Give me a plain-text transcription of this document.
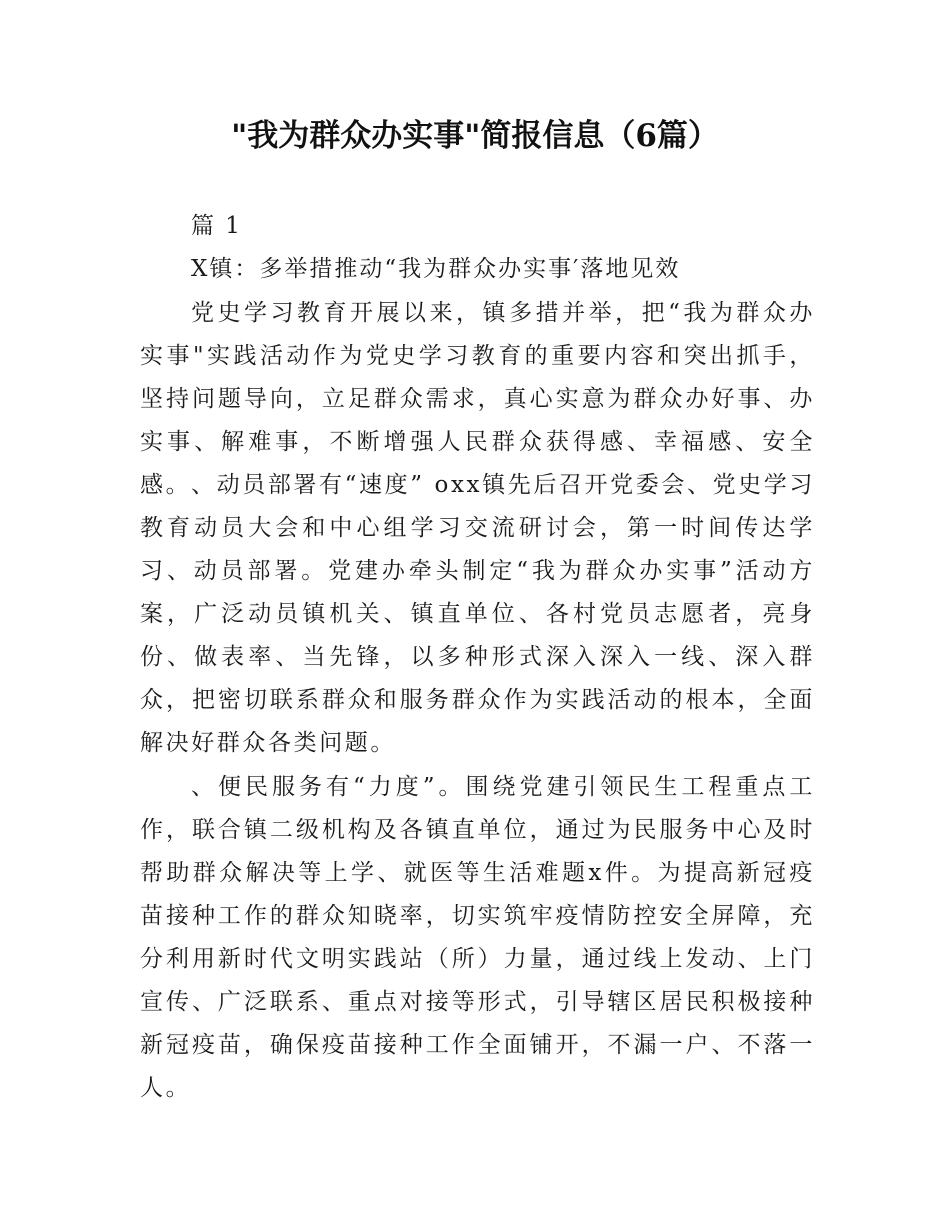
"我为群众办实事"简报信息（6篇）
篇 1
X镇：多举措推动“我为群众办实事′落地见效

党史学习教育开展以来，镇多措并举，把“我为群众办实事"实践活动作为党史学习教育的重要内容和突出抓手，坚持问题导向，立足群众需求，真心实意为群众办好事、办实事、解难事，不断增强人民群众获得感、幸福感、安全感。 、动员部署有“速度” oxx镇先后召开党委会、党史学习教育动员大会和中心组学习交流研讨会，第一时间传达学习、动员部署。党建办牵头制定“我为群众办实事”活动方案，广泛动员镇机关、镇直单位、各村党员志愿者，亮身份、做表率、当先锋，以多种形式深入深入一线、深入群众，把密切联系群众和服务群众作为实践活动的根本，全面解决好群众各类问题。

、便民服务有“力度”。围绕党建引领民生工程重点工作，联合镇二级机构及各镇直单位，通过为民服务中心及时帮助群众解决等上学、就医等生活难题x件。为提高新冠疫苗接种工作的群众知晓率，切实筑牢疫情防控安全屏障，充分利用新时代文明实践站（所）力量，通过线上发动、上门宣传、广泛联系、重点对接等形式，引导辖区居民积极接种新冠疫苗，确保疫苗接种工作全面铺开，不漏一户、不落一人。
